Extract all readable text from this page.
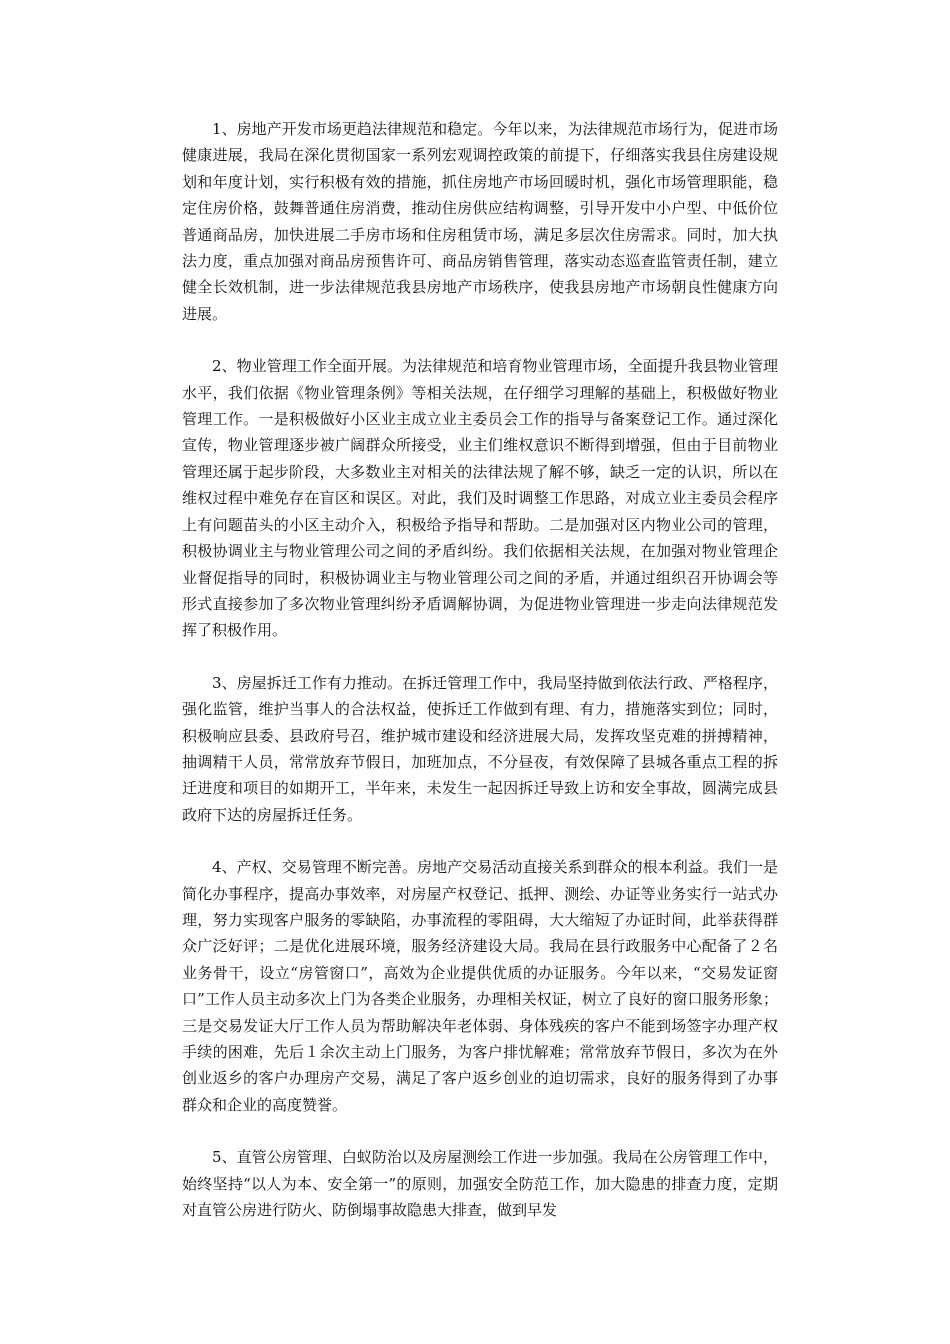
1、房地产开发市场更趋法律规范和稳定。今年以来，为法律规范市场行为，促进市场健康进展，我局在深化贯彻国家一系列宏观调控政策的前提下，仔细落实我县住房建设规划和年度计划，实行积极有效的措施，抓住房地产市场回暖时机，强化市场管理职能，稳定住房价格，鼓舞普通住房消费，推动住房供应结构调整，引导开发中小户型、中低价位普通商品房，加快进展二手房市场和住房租赁市场，满足多层次住房需求。同时，加大执法力度，重点加强对商品房预售许可、商品房销售管理，落实动态巡查监管责任制，建立健全长效机制，进一步法律规范我县房地产市场秩序，使我县房地产市场朝良性健康方向进展。

2、物业管理工作全面开展。为法律规范和培育物业管理市场，全面提升我县物业管理水平，我们依据《物业管理条例》等相关法规，在仔细学习理解的基础上，积极做好物业管理工作。一是积极做好小区业主成立业主委员会工作的指导与备案登记工作。通过深化宣传，物业管理逐步被广阔群众所接受，业主们维权意识不断得到增强，但由于目前物业管理还属于起步阶段，大多数业主对相关的法律法规了解不够，缺乏一定的认识，所以在维权过程中难免存在盲区和误区。对此，我们及时调整工作思路，对成立业主委员会程序上有问题苗头的小区主动介入，积极给予指导和帮助。二是加强对区内物业公司的管理，积极协调业主与物业管理公司之间的矛盾纠纷。我们依据相关法规，在加强对物业管理企业督促指导的同时，积极协调业主与物业管理公司之间的矛盾，并通过组织召开协调会等形式直接参加了多次物业管理纠纷矛盾调解协调，为促进物业管理进一步走向法律规范发挥了积极作用。

3、房屋拆迁工作有力推动。在拆迁管理工作中，我局坚持做到依法行政、严格程序，强化监管，维护当事人的合法权益，使拆迁工作做到有理、有力，措施落实到位；同时，积极响应县委、县政府号召，维护城市建设和经济进展大局，发挥攻坚克难的拼搏精神，抽调精干人员，常常放弃节假日，加班加点，不分昼夜，有效保障了县城各重点工程的拆迁进度和项目的如期开工，半年来，未发生一起因拆迁导致上访和安全事故，圆满完成县政府下达的房屋拆迁任务。

4、产权、交易管理不断完善。房地产交易活动直接关系到群众的根本利益。我们一是简化办事程序，提高办事效率，对房屋产权登记、抵押、测绘、办证等业务实行一站式办理，努力实现客户服务的零缺陷，办事流程的零阻碍，大大缩短了办证时间，此举获得群众广泛好评；二是优化进展环境，服务经济建设大局。我局在县行政服务中心配备了２名业务骨干，设立“房管窗口”，高效为企业提供优质的办证服务。今年以来，“交易发证窗口”工作人员主动多次上门为各类企业服务，办理相关权证，树立了良好的窗口服务形象；三是交易发证大厅工作人员为帮助解决年老体弱、身体残疾的客户不能到场签字办理产权手续的困难，先后１余次主动上门服务，为客户排忧解难；常常放弃节假日，多次为在外创业返乡的客户办理房产交易，满足了客户返乡创业的迫切需求，良好的服务得到了办事群众和企业的高度赞誉。

5、直管公房管理、白蚁防治以及房屋测绘工作进一步加强。我局在公房管理工作中，始终坚持“以人为本、安全第一”的原则，加强安全防范工作，加大隐患的排查力度，定期对直管公房进行防火、防倒塌事故隐患大排查，做到早发
